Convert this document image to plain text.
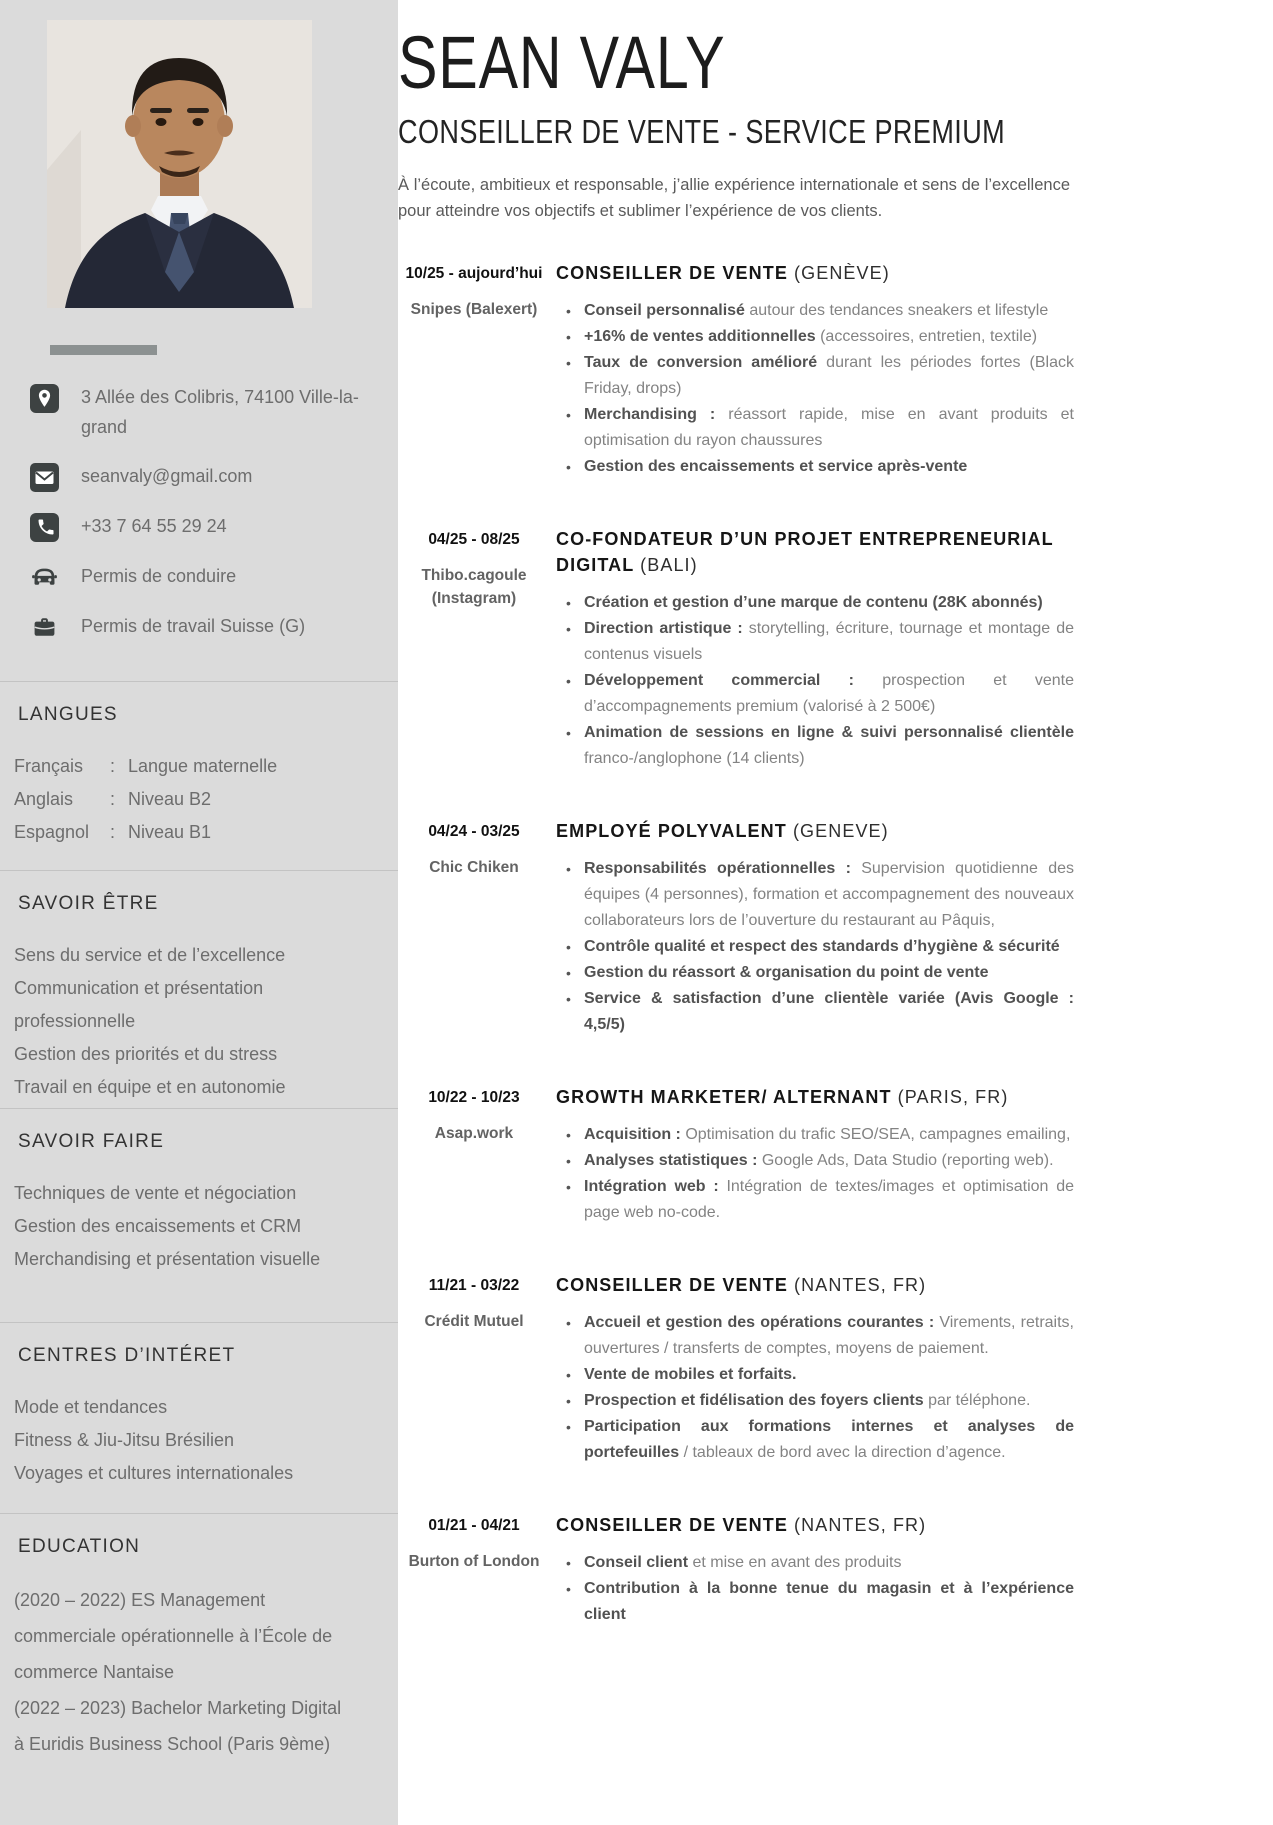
3 Allée des Colibris, 74100 Ville-la-grand
seanvaly@gmail.com
+33 7 64 55 29 24
Permis de conduire
Permis de travail Suisse (G)
LANGUES
Français	: Langue maternelle
Anglais	: Niveau B2
Espagnol	: Niveau B1
SAVOIR ÊTRE
Sens du service et de l’excellence
Communication et présentation professionnelle
Gestion des priorités et du stress
Travail en équipe et en autonomie
SAVOIR FAIRE
Techniques de vente et négociation
Gestion des encaissements et CRM
Merchandising et présentation visuelle
CENTRES D’INTÉRET
Mode et tendances
Fitness & Jiu-Jitsu Brésilien
Voyages et cultures internationales
EDUCATION
(2020 – 2022) ES Management commerciale opérationnelle à l’École de commerce Nantaise
(2022 – 2023) Bachelor Marketing Digital à Euridis Business School (Paris 9ème)
SEAN VALY
CONSEILLER DE VENTE - SERVICE PREMIUM

À l’écoute, ambitieux et responsable, j’allie expérience internationale et sens de l’excellence pour atteindre vos objectifs et sublimer l’expérience de vos clients.

10/25 - aujourd’hui
Snipes (Balexert)
CONSEILLER DE VENTE (GENÈVE)
• Conseil personnalisé autour des tendances sneakers et lifestyle
• +16% de ventes additionnelles (accessoires, entretien, textile)
• Taux de conversion amélioré durant les périodes fortes (Black Friday, drops)
• Merchandising : réassort rapide, mise en avant produits et optimisation du rayon chaussures
• Gestion des encaissements et service après-vente
04/25 - 08/25
Thibo.cagoule (Instagram)
CO-FONDATEUR D’UN PROJET ENTREPRENEURIAL DIGITAL (BALI)
• Création et gestion d’une marque de contenu (28K abonnés)
• Direction artistique : storytelling, écriture, tournage et montage de contenus visuels
• Développement commercial : prospection et vente d’accompagnements premium (valorisé à 2 500€)
• Animation de sessions en ligne & suivi personnalisé clientèle franco-/anglophone (14 clients)
04/24 - 03/25
Chic Chiken
EMPLOYÉ POLYVALENT (GENEVE)
• Responsabilités opérationnelles : Supervision quotidienne des équipes (4 personnes), formation et accompagnement des nouveaux collaborateurs lors de l’ouverture du restaurant au Pâquis,
• Contrôle qualité et respect des standards d’hygiène & sécurité
• Gestion du réassort & organisation du point de vente
• Service & satisfaction d’une clientèle variée (Avis Google : 4,5/5)
10/22 - 10/23
Asap.work
GROWTH MARKETER/ ALTERNANT (PARIS, FR)
• Acquisition : Optimisation du trafic SEO/SEA, campagnes emailing,
• Analyses statistiques : Google Ads, Data Studio (reporting web).
• Intégration web : Intégration de textes/images et optimisation de page web no-code.
11/21 - 03/22
Crédit Mutuel
CONSEILLER DE VENTE (NANTES, FR)
• Accueil et gestion des opérations courantes : Virements, retraits, ouvertures / transferts de comptes, moyens de paiement.
• Vente de mobiles et forfaits.
• Prospection et fidélisation des foyers clients par téléphone.
• Participation aux formations internes et analyses de portefeuilles / tableaux de bord avec la direction d’agence.
01/21 - 04/21
Burton of London
CONSEILLER DE VENTE (NANTES, FR)
• Conseil client et mise en avant des produits
• Contribution à la bonne tenue du magasin et à l’expérience client
